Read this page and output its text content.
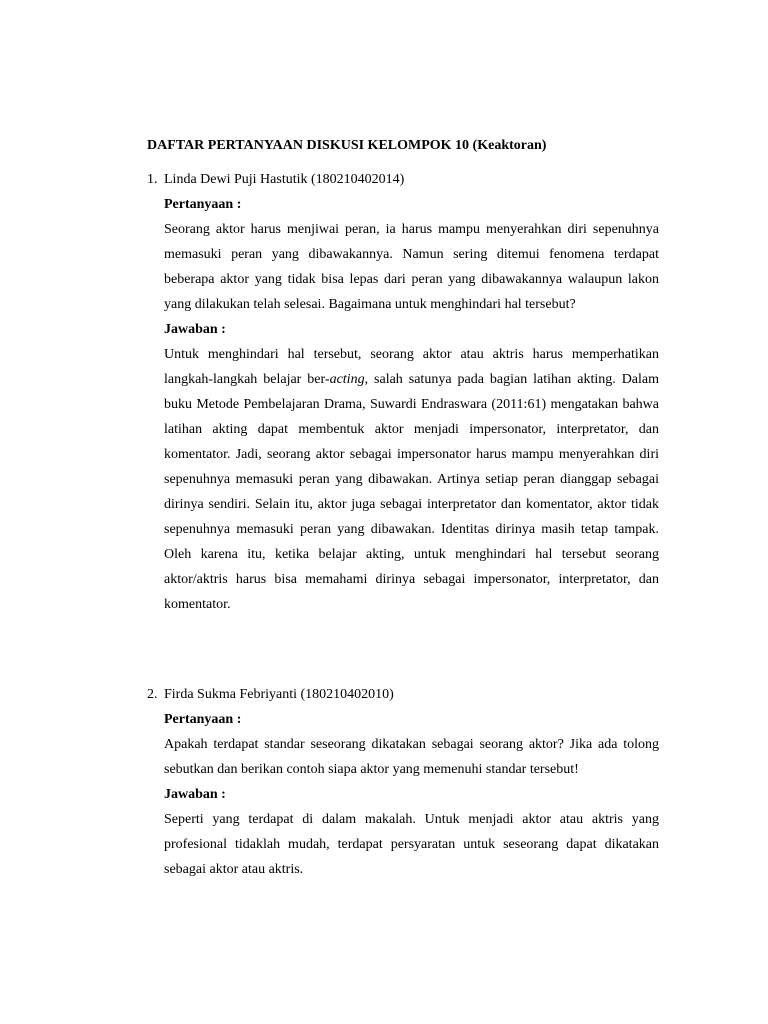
DAFTAR PERTANYAAN DISKUSI KELOMPOK 10 (Keaktoran)
1. Linda Dewi Puji Hastutik (180210402014)
Pertanyaan :

Seorang aktor harus menjiwai peran, ia harus mampu menyerahkan diri sepenuhnya memasuki peran yang dibawakannya. Namun sering ditemui fenomena terdapat beberapa aktor yang tidak bisa lepas dari peran yang dibawakannya walaupun lakon yang dilakukan telah selesai. Bagaimana untuk menghindari hal tersebut?

Jawaban :

Untuk menghindari hal tersebut, seorang aktor atau aktris harus memperhatikan langkah-langkah belajar ber-acting, salah satunya pada bagian latihan akting. Dalam buku Metode Pembelajaran Drama, Suwardi Endraswara (2011:61) mengatakan bahwa latihan akting dapat membentuk aktor menjadi impersonator, interpretator, dan komentator. Jadi, seorang aktor sebagai impersonator harus mampu menyerahkan diri sepenuhnya memasuki peran yang dibawakan. Artinya setiap peran dianggap sebagai dirinya sendiri. Selain itu, aktor juga sebagai interpretator dan komentator, aktor tidak sepenuhnya memasuki peran yang dibawakan. Identitas dirinya masih tetap tampak. Oleh karena itu, ketika belajar akting, untuk menghindari hal tersebut seorang aktor/aktris harus bisa memahami dirinya sebagai impersonator, interpretator, dan komentator.

2. Firda Sukma Febriyanti (180210402010)
Pertanyaan :

Apakah terdapat standar seseorang dikatakan sebagai seorang aktor? Jika ada tolong sebutkan dan berikan contoh siapa aktor yang memenuhi standar tersebut!

Jawaban :

Seperti yang terdapat di dalam makalah. Untuk menjadi aktor atau aktris yang profesional tidaklah mudah, terdapat persyaratan untuk seseorang dapat dikatakan sebagai aktor atau aktris.
